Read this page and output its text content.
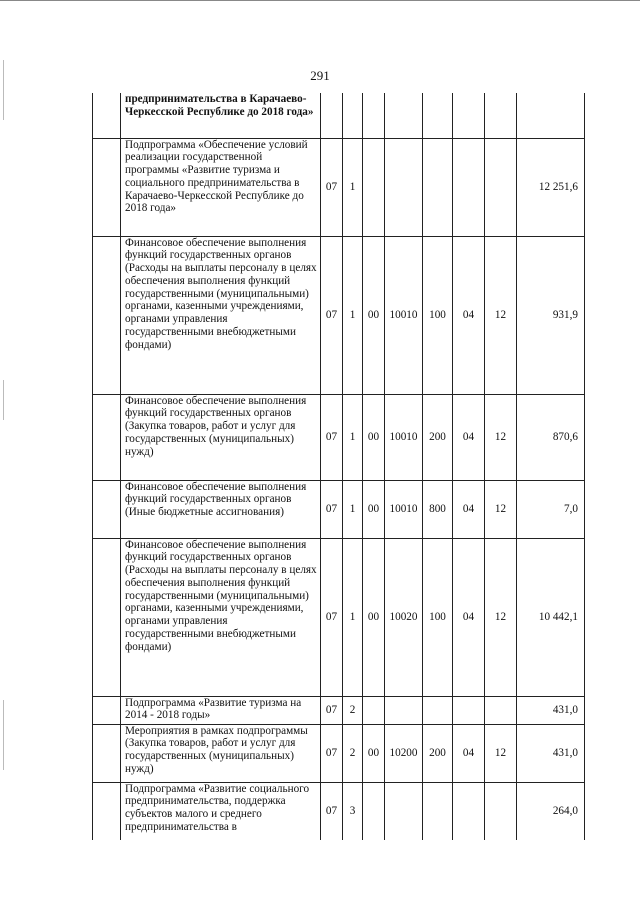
291
	предпринимательства в Карачаево-Черкесской Республике до 2018 года»								
	Подпрограмма «Обеспечение условий реализации государственной программы «Развитие туризма и социального предпринимательства в Карачаево-Черкесской Республике до 2018 года»	07	1						12 251,6
	Финансовое обеспечение выполнения функций государственных органов (Расходы на выплаты персоналу в целях обеспечения выполнения функций государственными (муниципальными) органами, казенными учреждениями, органами управления государственными внебюджетными фондами)	07	1	00	10010	100	04	12	931,9
	Финансовое обеспечение выполнения функций государственных органов (Закупка товаров, работ и услуг для государственных (муниципальных) нужд)	07	1	00	10010	200	04	12	870,6
	Финансовое обеспечение выполнения функций государственных органов (Иные бюджетные ассигнования)	07	1	00	10010	800	04	12	7,0
	Финансовое обеспечение выполнения функций государственных органов (Расходы на выплаты персоналу в целях обеспечения выполнения функций государственными (муниципальными) органами, казенными учреждениями, органами управления государственными внебюджетными фондами)	07	1	00	10020	100	04	12	10 442,1
	Подпрограмма «Развитие туризма на 2014 - 2018 годы»	07	2						431,0
	Мероприятия в рамках подпрограммы (Закупка товаров, работ и услуг для государственных (муниципальных) нужд)	07	2	00	10200	200	04	12	431,0
	Подпрограмма «Развитие социального предпринимательства, поддержка субъектов малого и среднего предпринимательства в	07	3						264,0
